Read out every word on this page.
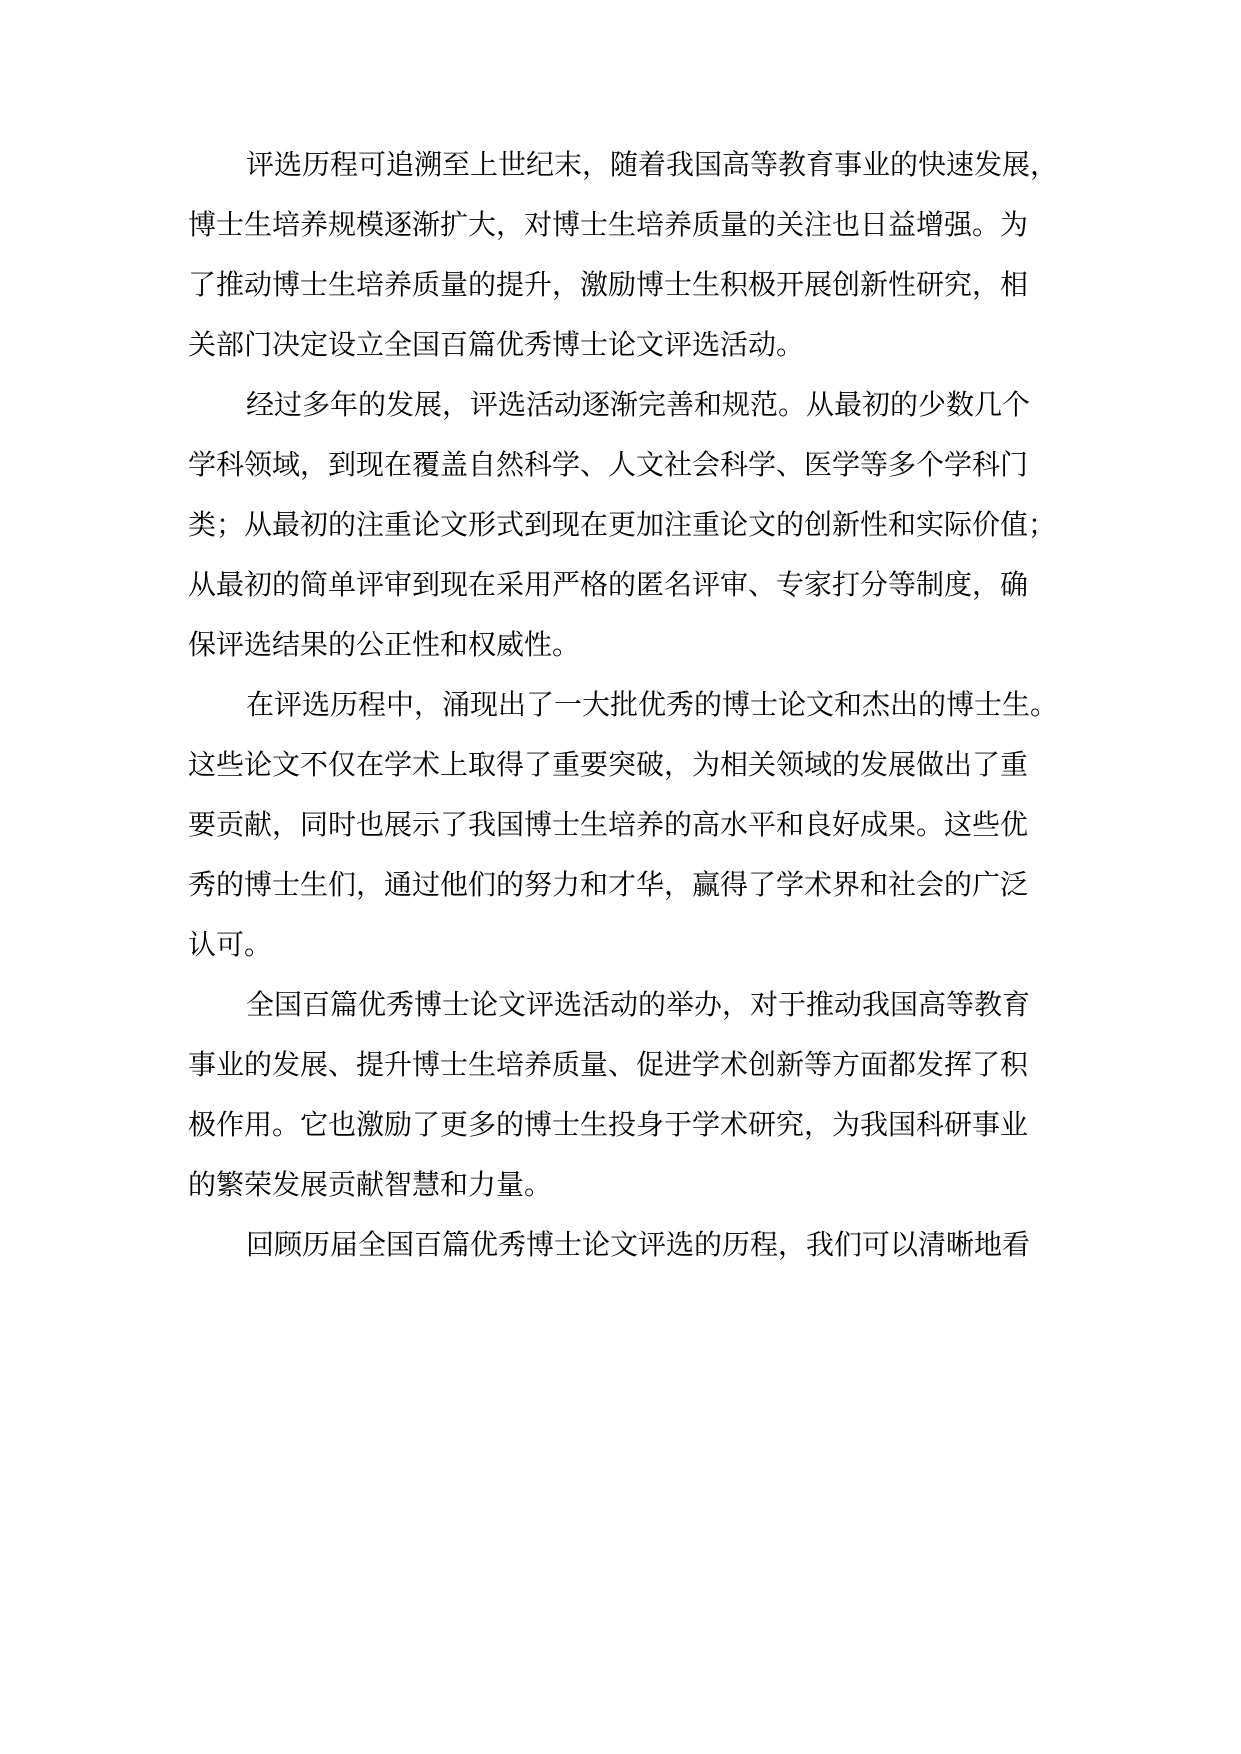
评选历程可追溯至上世纪末，随着我国高等教育事业的快速发展，
博士生培养规模逐渐扩大，对博士生培养质量的关注也日益增强。为
了推动博士生培养质量的提升，激励博士生积极开展创新性研究，相
关部门决定设立全国百篇优秀博士论文评选活动。
经过多年的发展，评选活动逐渐完善和规范。从最初的少数几个
学科领域，到现在覆盖自然科学、人文社会科学、医学等多个学科门
类；从最初的注重论文形式到现在更加注重论文的创新性和实际价值；
从最初的简单评审到现在采用严格的匿名评审、专家打分等制度，确
保评选结果的公正性和权威性。
在评选历程中，涌现出了一大批优秀的博士论文和杰出的博士生。
这些论文不仅在学术上取得了重要突破，为相关领域的发展做出了重
要贡献，同时也展示了我国博士生培养的高水平和良好成果。这些优
秀的博士生们，通过他们的努力和才华，赢得了学术界和社会的广泛
认可。
全国百篇优秀博士论文评选活动的举办，对于推动我国高等教育
事业的发展、提升博士生培养质量、促进学术创新等方面都发挥了积
极作用。它也激励了更多的博士生投身于学术研究，为我国科研事业
的繁荣发展贡献智慧和力量。
回顾历届全国百篇优秀博士论文评选的历程，我们可以清晰地看
